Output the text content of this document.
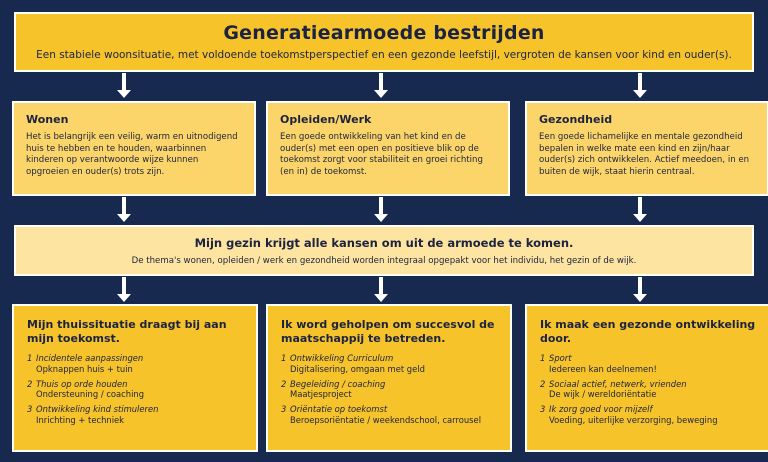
Generatiearmoede bestrijden
Een stabiele woonsituatie, met voldoende toekomstperspectief en een gezonde leefstijl, vergroten de kansen voor kind en ouder(s).
Wonen
Het is belangrijk een veilig, warm en uitnodigend huis te hebben en te houden, waarbinnen kinderen op verantwoorde wijze kunnen opgroeien en ouder(s) trots zijn.
Opleiden/Werk
Een goede ontwikkeling van het kind en de ouder(s) met een open en positieve blik op de toekomst zorgt voor stabiliteit en groei richting (en in) de toekomst.
Gezondheid
Een goede lichamelijke en mentale gezondheid bepalen in welke mate een kind en zijn/haar ouder(s) zich ontwikkelen. Actief meedoen, in en buiten de wijk, staat hierin centraal.
Mijn gezin krijgt alle kansen om uit de armoede te komen.
De thema's wonen, opleiden / werk en gezondheid worden integraal opgepakt voor het individu, het gezin of de wijk.
Mijn thuissituatie draagt bij aan mijn toekomst.
1 Incidentele aanpassingen
Opknappen huis + tuin
2 Thuis op orde houden
Ondersteuning / coaching
3 Ontwikkeling kind stimuleren
Inrichting + techniek
Ik word geholpen om succesvol de maatschappij te betreden.
1 Ontwikkeling Curriculum
Digitalisering, omgaan met geld
2 Begeleiding / coaching
Maatjesproject
3 Oriëntatie op toekomst
Beroepsoriëntatie / weekendschool, carrousel
Ik maak een gezonde ontwikkeling door.
1 Sport
Iedereen kan deelnemen!
2 Sociaal actief, netwerk, vrienden
De wijk / wereldoriëntatie
3 Ik zorg goed voor mijzelf
Voeding, uiterlijke verzorging, beweging
